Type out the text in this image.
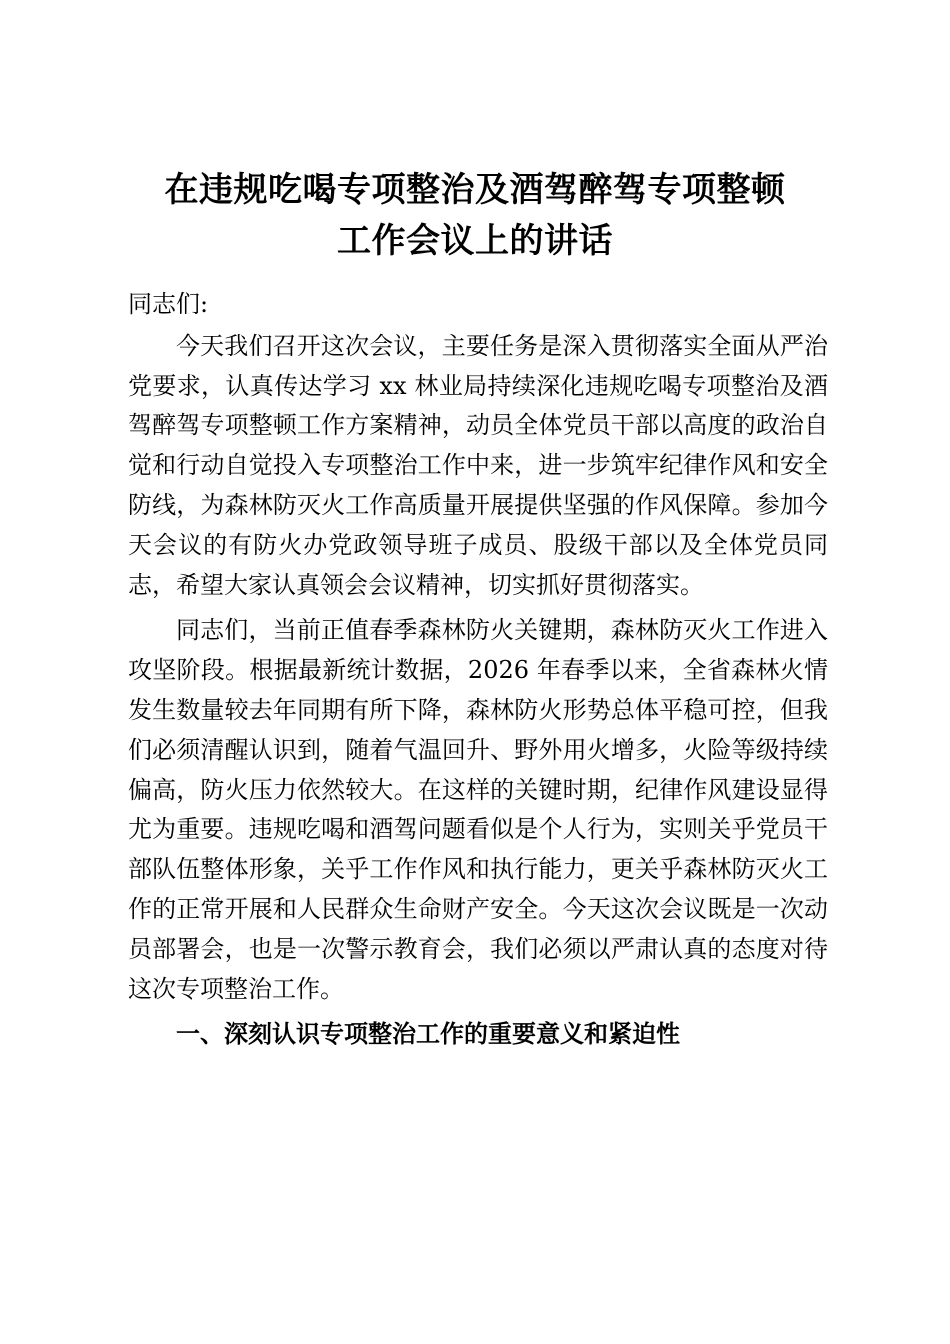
在违规吃喝专项整治及酒驾醉驾专项整顿
工作会议上的讲话

同志们:

今天我们召开这次会议，主要任务是深入贯彻落实全面从严治党要求，认真传达学习 xx 林业局持续深化违规吃喝专项整治及酒驾醉驾专项整顿工作方案精神，动员全体党员干部以高度的政治自觉和行动自觉投入专项整治工作中来，进一步筑牢纪律作风和安全防线，为森林防灭火工作高质量开展提供坚强的作风保障。参加今天会议的有防火办党政领导班子成员、股级干部以及全体党员同志，希望大家认真领会会议精神，切实抓好贯彻落实。

同志们，当前正值春季森林防火关键期，森林防灭火工作进入攻坚阶段。根据最新统计数据，2026 年春季以来，全省森林火情发生数量较去年同期有所下降，森林防火形势总体平稳可控，但我们必须清醒认识到，随着气温回升、野外用火增多，火险等级持续偏高，防火压力依然较大。在这样的关键时期，纪律作风建设显得尤为重要。违规吃喝和酒驾问题看似是个人行为，实则关乎党员干部队伍整体形象，关乎工作作风和执行能力，更关乎森林防灭火工作的正常开展和人民群众生命财产安全。今天这次会议既是一次动员部署会，也是一次警示教育会，我们必须以严肃认真的态度对待这次专项整治工作。

一、深刻认识专项整治工作的重要意义和紧迫性
